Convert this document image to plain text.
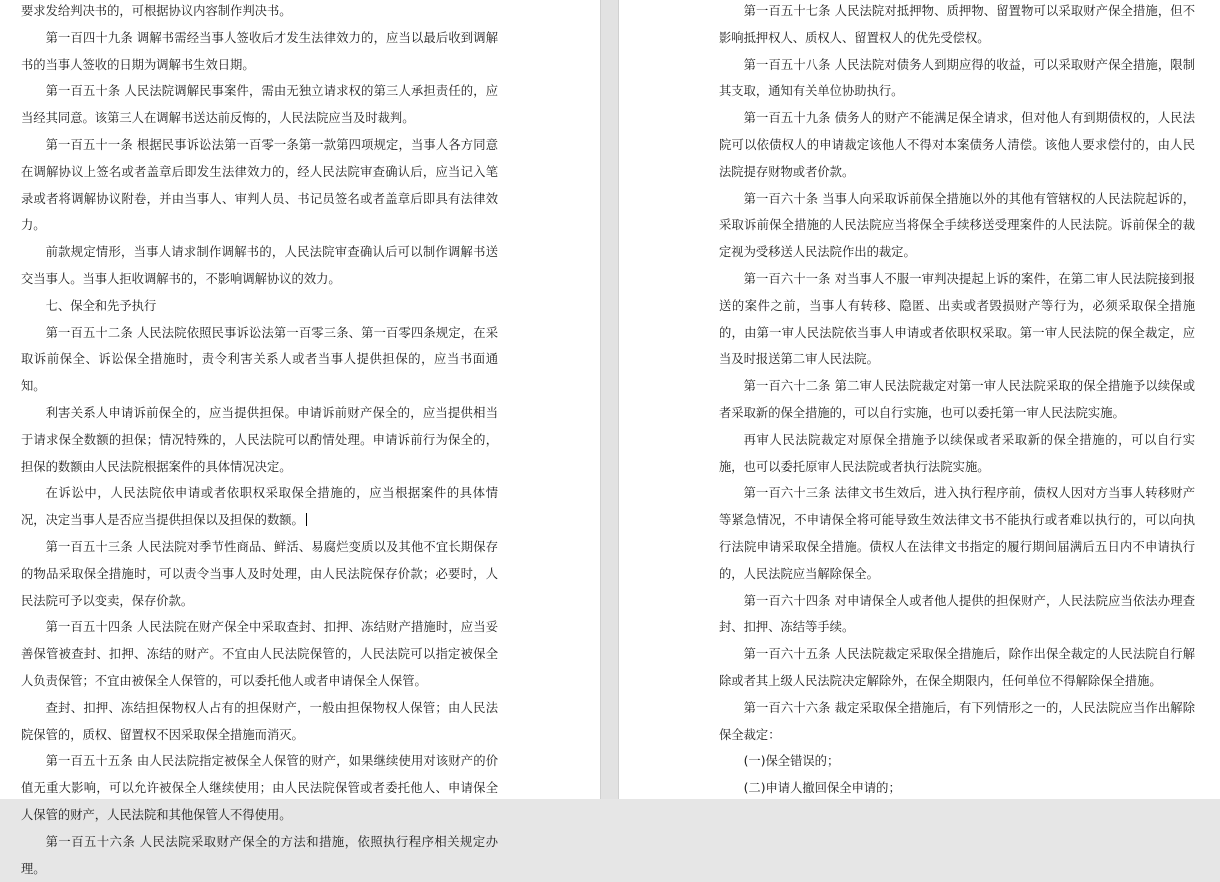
要求发给判决书的，可根据协议内容制作判决书。

第一百四十九条 调解书需经当事人签收后才发生法律效力的，应当以最后收到调解书的当事人签收的日期为调解书生效日期。

第一百五十条 人民法院调解民事案件，需由无独立请求权的第三人承担责任的，应当经其同意。该第三人在调解书送达前反悔的，人民法院应当及时裁判。

第一百五十一条 根据民事诉讼法第一百零一条第一款第四项规定，当事人各方同意在调解协议上签名或者盖章后即发生法律效力的，经人民法院审查确认后，应当记入笔录或者将调解协议附卷，并由当事人、审判人员、书记员签名或者盖章后即具有法律效力。

前款规定情形，当事人请求制作调解书的，人民法院审查确认后可以制作调解书送交当事人。当事人拒收调解书的，不影响调解协议的效力。

七、保全和先予执行

第一百五十二条 人民法院依照民事诉讼法第一百零三条、第一百零四条规定，在采取诉前保全、诉讼保全措施时，责令利害关系人或者当事人提供担保的，应当书面通知。

利害关系人申请诉前保全的，应当提供担保。申请诉前财产保全的，应当提供相当于请求保全数额的担保；情况特殊的，人民法院可以酌情处理。申请诉前行为保全的，担保的数额由人民法院根据案件的具体情况决定。

在诉讼中，人民法院依申请或者依职权采取保全措施的，应当根据案件的具体情况，决定当事人是否应当提供担保以及担保的数额。

第一百五十三条 人民法院对季节性商品、鲜活、易腐烂变质以及其他不宜长期保存的物品采取保全措施时，可以责令当事人及时处理，由人民法院保存价款；必要时，人民法院可予以变卖，保存价款。

第一百五十四条 人民法院在财产保全中采取查封、扣押、冻结财产措施时，应当妥善保管被查封、扣押、冻结的财产。不宜由人民法院保管的，人民法院可以指定被保全人负责保管；不宜由被保全人保管的，可以委托他人或者申请保全人保管。

查封、扣押、冻结担保物权人占有的担保财产，一般由担保物权人保管；由人民法院保管的，质权、留置权不因采取保全措施而消灭。

第一百五十五条 由人民法院指定被保全人保管的财产，如果继续使用对该财产的价值无重大影响，可以允许被保全人继续使用；由人民法院保管或者委托他人、申请保全人保管的财产，人民法院和其他保管人不得使用。

第一百五十六条 人民法院采取财产保全的方法和措施，依照执行程序相关规定办理。

第一百五十七条 人民法院对抵押物、质押物、留置物可以采取财产保全措施，但不影响抵押权人、质权人、留置权人的优先受偿权。

第一百五十八条 人民法院对债务人到期应得的收益，可以采取财产保全措施，限制其支取，通知有关单位协助执行。

第一百五十九条 债务人的财产不能满足保全请求，但对他人有到期债权的，人民法院可以依债权人的申请裁定该他人不得对本案债务人清偿。该他人要求偿付的，由人民法院提存财物或者价款。

第一百六十条 当事人向采取诉前保全措施以外的其他有管辖权的人民法院起诉的，采取诉前保全措施的人民法院应当将保全手续移送受理案件的人民法院。诉前保全的裁定视为受移送人民法院作出的裁定。

第一百六十一条 对当事人不服一审判决提起上诉的案件，在第二审人民法院接到报送的案件之前，当事人有转移、隐匿、出卖或者毁损财产等行为，必须采取保全措施的，由第一审人民法院依当事人申请或者依职权采取。第一审人民法院的保全裁定，应当及时报送第二审人民法院。

第一百六十二条 第二审人民法院裁定对第一审人民法院采取的保全措施予以续保或者采取新的保全措施的，可以自行实施，也可以委托第一审人民法院实施。

再审人民法院裁定对原保全措施予以续保或者采取新的保全措施的，可以自行实施，也可以委托原审人民法院或者执行法院实施。

第一百六十三条 法律文书生效后，进入执行程序前，债权人因对方当事人转移财产等紧急情况，不申请保全将可能导致生效法律文书不能执行或者难以执行的，可以向执行法院申请采取保全措施。债权人在法律文书指定的履行期间届满后五日内不申请执行的，人民法院应当解除保全。

第一百六十四条 对申请保全人或者他人提供的担保财产，人民法院应当依法办理查封、扣押、冻结等手续。

第一百六十五条 人民法院裁定采取保全措施后，除作出保全裁定的人民法院自行解除或者其上级人民法院决定解除外，在保全期限内，任何单位不得解除保全措施。

第一百六十六条 裁定采取保全措施后，有下列情形之一的，人民法院应当作出解除保全裁定：

(一)保全错误的；

(二)申请人撤回保全申请的；
